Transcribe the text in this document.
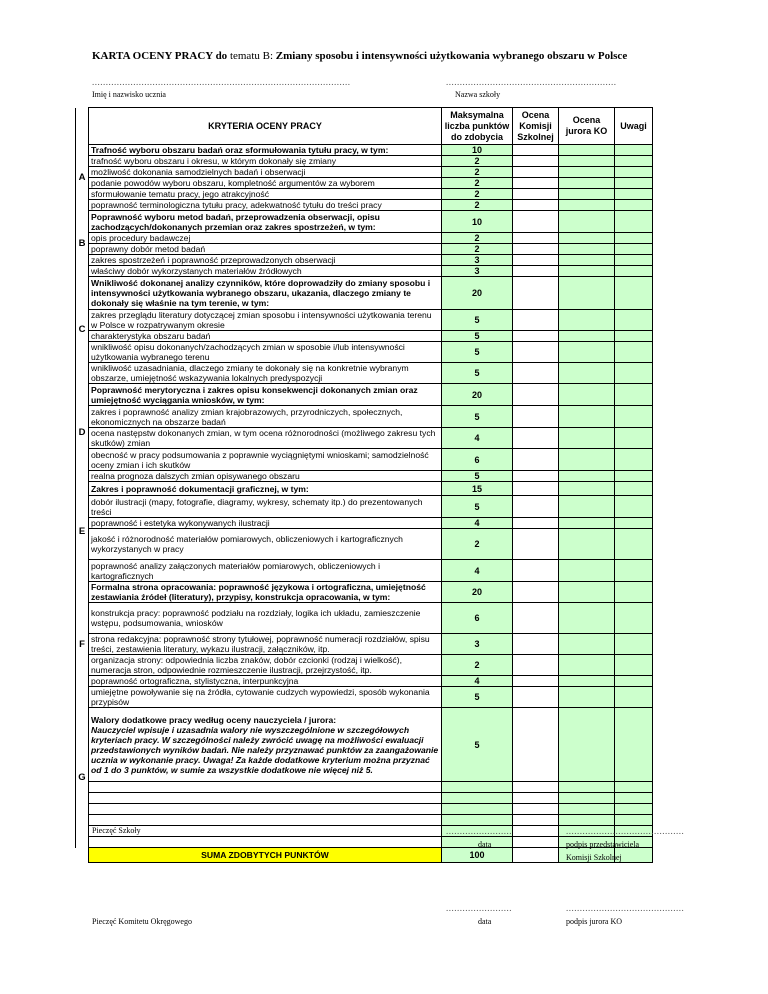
KARTA OCENY PRACY do tematu B: Zmiany sposobu i intensywności użytkowania wybranego obszaru w Polsce
..............................................................................................	..............................................................
Imię i nazwisko ucznia	Nazwa szkoły
	KRYTERIA OCENY PRACY	Maksymalna liczba punktów do zdobycia	Ocena Komisji Szkolnej	Ocena jurora KO	Uwagi
A	Trafność wyboru obszaru badań oraz sformułowania tytułu pracy, w tym:	10			
	trafność wyboru obszaru i okresu, w którym dokonały się zmiany	2			
	możliwość dokonania samodzielnych badań i obserwacji	2			
	podanie powodów wyboru obszaru, kompletność argumentów za wyborem	2			
	sformułowanie tematu pracy, jego atrakcyjność	2			
	poprawność terminologiczna tytułu pracy, adekwatność tytułu do treści pracy	2			
B	Poprawność wyboru metod badań, przeprowadzenia obserwacji, opisu zachodzących/dokonanych przemian oraz zakres spostrzeżeń, w tym:	10			
	opis procedury badawczej	2			
	poprawny dobór metod badań	2			
	zakres spostrzeżeń i poprawność przeprowadzonych obserwacji	3			
	właściwy dobór wykorzystanych materiałów źródłowych	3			
C	Wnikliwość dokonanej analizy czynników, które doprowadziły do zmiany sposobu i intensywności użytkowania wybranego obszaru, ukazania, dlaczego zmiany te dokonały się właśnie na tym terenie, w tym:	20			
	zakres przeglądu literatury dotyczącej zmian sposobu i intensywności użytkowania terenu w Polsce w rozpatrywanym okresie	5			
	charakterystyka obszaru badań	5			
	wnikliwość opisu dokonanych/zachodzących zmian w sposobie i/lub intensywności użytkowania wybranego terenu	5			
	wnikliwość uzasadniania, dlaczego zmiany te dokonały się na konkretnie wybranym obszarze, umiejętność wskazywania lokalnych predyspozycji	5			
D	Poprawność merytoryczna i zakres opisu konsekwencji dokonanych zmian oraz umiejętność wyciągania wniosków, w tym:	20			
	zakres i poprawność analizy zmian krajobrazowych, przyrodniczych, społecznych, ekonomicznych na obszarze badań	5			
	ocena następstw dokonanych zmian, w tym ocena różnorodności (możliwego zakresu tych skutków) zmian	4			
	obecność w pracy podsumowania z poprawnie wyciągniętymi wnioskami; samodzielność oceny zmian i ich skutków	6			
	realna prognoza dalszych zmian opisywanego obszaru	5			
E	Zakres i poprawność dokumentacji graficznej, w tym:	15			
	dobór ilustracji (mapy, fotografie, diagramy, wykresy, schematy itp.) do prezentowanych treści	5			
	poprawność i estetyka wykonywanych ilustracji	4			
	jakość i różnorodność materiałów pomiarowych, obliczeniowych i kartograficznych wykorzystanych w pracy	2			
	poprawność analizy załączonych materiałów pomiarowych, obliczeniowych i kartograficznych	4			
F	Formalna strona opracowania: poprawność językowa i ortograficzna, umiejętność zestawiania źródeł (literatury), przypisy, konstrukcja opracowania, w tym:	20			
	konstrukcja pracy: poprawność podziału na rozdziały, logika ich układu, zamieszczenie wstępu, podsumowania, wniosków	6			
	strona redakcyjna: poprawność strony tytułowej, poprawność numeracji rozdziałów, spisu treści, zestawienia literatury, wykazu ilustracji, załączników, itp.	3			
	organizacja strony: odpowiednia liczba znaków, dobór czcionki (rodzaj i wielkość), numeracja stron, odpowiednie rozmieszczenie ilustracji, przejrzystość, itp.	2			
	poprawność ortograficzna, stylistyczna, interpunkcyjna	4			
	umiejętne powoływanie się na źródła, cytowanie cudzych wypowiedzi, sposób wykonania przypisów	5			
G	Walory dodatkowe pracy według oceny nauczyciela / jurora:
Nauczyciel wpisuje i uzasadnia walory nie wyszczególnione w szczegółowych kryteriach pracy. W szczególności należy zwrócić uwagę na możliwości ewaluacji przedstawionych wyników badań. Nie należy przyznawać punktów za zaangażowanie ucznia w wykonanie pracy. Uwaga! Za każde dodatkowe kryterium można przyznać od 1 do 3 punktów, w sumie za wszystkie dodatkowe nie więcej niż 5.	5			

	SUMA ZDOBYTYCH PUNKTÓW	100			
Pieczęć Szkoły	........................	...........................................
data	podpis przedstawiciela
Komisji Szkolnej
........................	...........................................
Pieczęć Komitetu Okręgowego	data	podpis jurora KO
